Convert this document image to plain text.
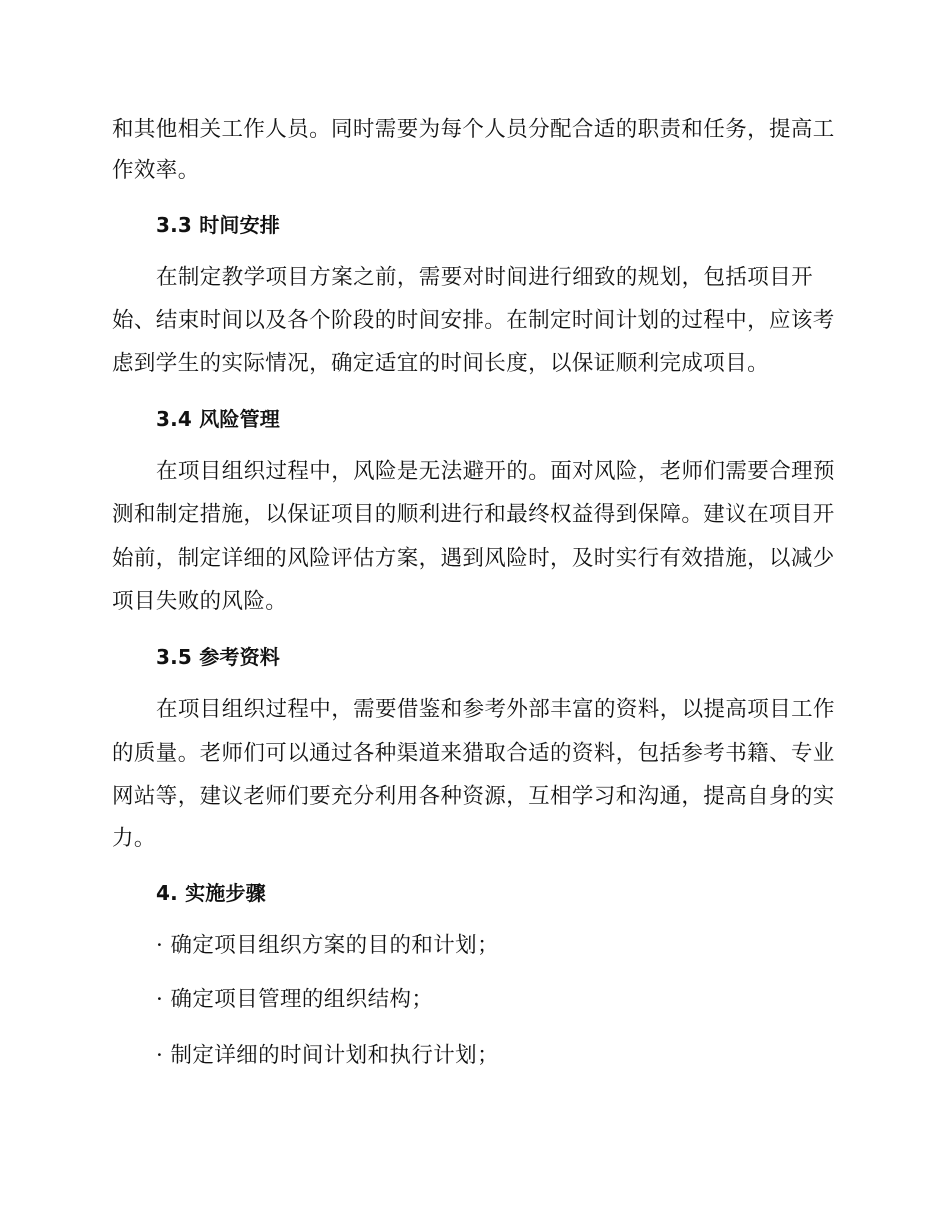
和其他相关工作人员。同时需要为每个人员分配合适的职责和任务，提高工
作效率。
3.3 时间安排
在制定教学项目方案之前，需要对时间进行细致的规划，包括项目开
始、结束时间以及各个阶段的时间安排。在制定时间计划的过程中，应该考
虑到学生的实际情况，确定适宜的时间长度，以保证顺利完成项目。
3.4 风险管理
在项目组织过程中，风险是无法避开的。面对风险，老师们需要合理预
测和制定措施，以保证项目的顺利进行和最终权益得到保障。建议在项目开
始前，制定详细的风险评估方案，遇到风险时，及时实行有效措施，以减少
项目失败的风险。
3.5 参考资料
在项目组织过程中，需要借鉴和参考外部丰富的资料，以提高项目工作
的质量。老师们可以通过各种渠道来猎取合适的资料，包括参考书籍、专业
网站等，建议老师们要充分利用各种资源，互相学习和沟通，提高自身的实
力。
4. 实施步骤
· 确定项目组织方案的目的和计划；
· 确定项目管理的组织结构；
· 制定详细的时间计划和执行计划；
